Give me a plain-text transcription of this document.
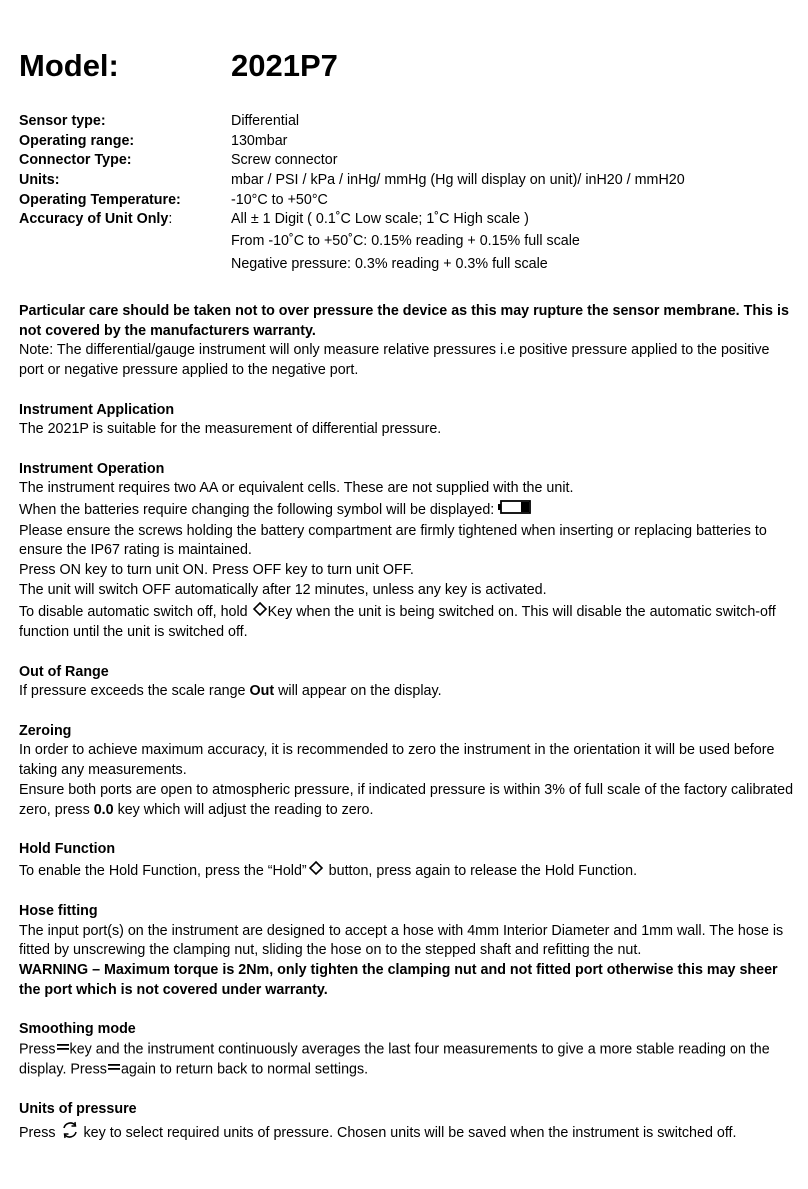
Model:	2021P7
Sensor type:	Differential
Operating range:	130mbar
Connector Type:	Screw connector
Units:	mbar / PSI / kPa / inHg/ mmHg (Hg will display on unit)/ inH20 / mmH20
Operating Temperature:	-10°C to +50°C
Accuracy of Unit Only:	All ± 1 Digit ( 0.1˚C Low scale; 1˚C High scale )
From -10˚C to +50˚C: 0.15% reading + 0.15% full scale
Negative pressure: 0.3% reading + 0.3% full scale

Particular care should be taken not to over pressure the device as this may rupture the sensor membrane. This is not covered by the manufacturers warranty.

Note: The differential/gauge instrument will only measure relative pressures i.e positive pressure applied to the positive port or negative pressure applied to the negative port.

Instrument Application

The 2021P is suitable for the measurement of differential pressure.

Instrument Operation

The instrument requires two AA or equivalent cells. These are not supplied with the unit.

When the batteries require changing the following symbol will be displayed:

Please ensure the screws holding the battery compartment are firmly tightened when inserting or replacing batteries to ensure the IP67 rating is maintained.

Press ON key to turn unit ON. Press OFF key to turn unit OFF.

The unit will switch OFF automatically after 12 minutes, unless any key is activated.

To disable automatic switch off, hold Key when the unit is being switched on. This will disable the automatic switch-off function until the unit is switched off.

Out of Range

If pressure exceeds the scale range Out will appear on the display.

Zeroing

In order to achieve maximum accuracy, it is recommended to zero the instrument in the orientation it will be used before taking any measurements.

Ensure both ports are open to atmospheric pressure, if indicated pressure is within 3% of full scale of the factory calibrated zero, press 0.0 key which will adjust the reading to zero.

Hold Function

To enable the Hold Function, press the “Hold” button, press again to release the Hold Function.

Hose fitting

The input port(s) on the instrument are designed to accept a hose with 4mm Interior Diameter and 1mm wall. The hose is fitted by unscrewing the clamping nut, sliding the hose on to the stepped shaft and refitting the nut.

WARNING – Maximum torque is 2Nm, only tighten the clamping nut and not fitted port otherwise this may sheer the port which is not covered under warranty.

Smoothing mode

Press key and the instrument continuously averages the last four measurements to give a more stable reading on the display. Press again to return back to normal settings.

Units of pressure

Press key to select required units of pressure. Chosen units will be saved when the instrument is switched off.
